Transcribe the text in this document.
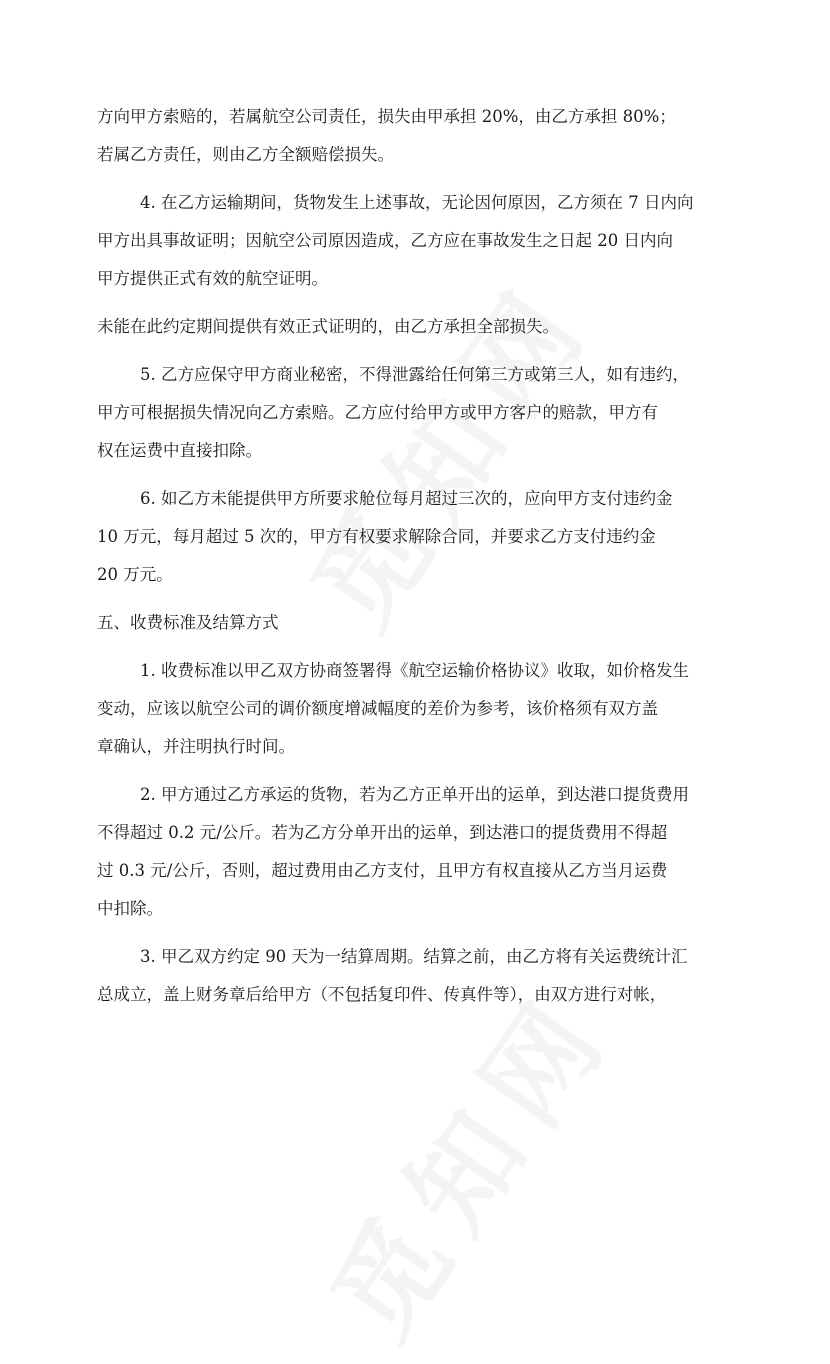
方向甲方索赔的，若属航空公司责任，损失由甲承担 20%，由乙方承担 80%；
若属乙方责任，则由乙方全额赔偿损失。
4. 在乙方运输期间，货物发生上述事故，无论因何原因，乙方须在 7 日内向
甲方出具事故证明；因航空公司原因造成，乙方应在事故发生之日起 20 日内向
甲方提供正式有效的航空证明。
未能在此约定期间提供有效正式证明的，由乙方承担全部损失。
5. 乙方应保守甲方商业秘密，不得泄露给任何第三方或第三人，如有违约，
甲方可根据损失情况向乙方索赔。乙方应付给甲方或甲方客户的赔款，甲方有
权在运费中直接扣除。
6. 如乙方未能提供甲方所要求舱位每月超过三次的，应向甲方支付违约金
10 万元，每月超过 5 次的，甲方有权要求解除合同，并要求乙方支付违约金
20 万元。
五、收费标准及结算方式
1. 收费标准以甲乙双方协商签署得《航空运输价格协议》收取，如价格发生
变动，应该以航空公司的调价额度增减幅度的差价为参考，该价格须有双方盖
章确认，并注明执行时间。
2. 甲方通过乙方承运的货物，若为乙方正单开出的运单，到达港口提货费用
不得超过 0.2 元/公斤。若为乙方分单开出的运单，到达港口的提货费用不得超
过 0.3 元/公斤，否则，超过费用由乙方支付，且甲方有权直接从乙方当月运费
中扣除。
3. 甲乙双方约定 90 天为一结算周期。结算之前，由乙方将有关运费统计汇
总成立，盖上财务章后给甲方（不包括复印件、传真件等），由双方进行对帐，
